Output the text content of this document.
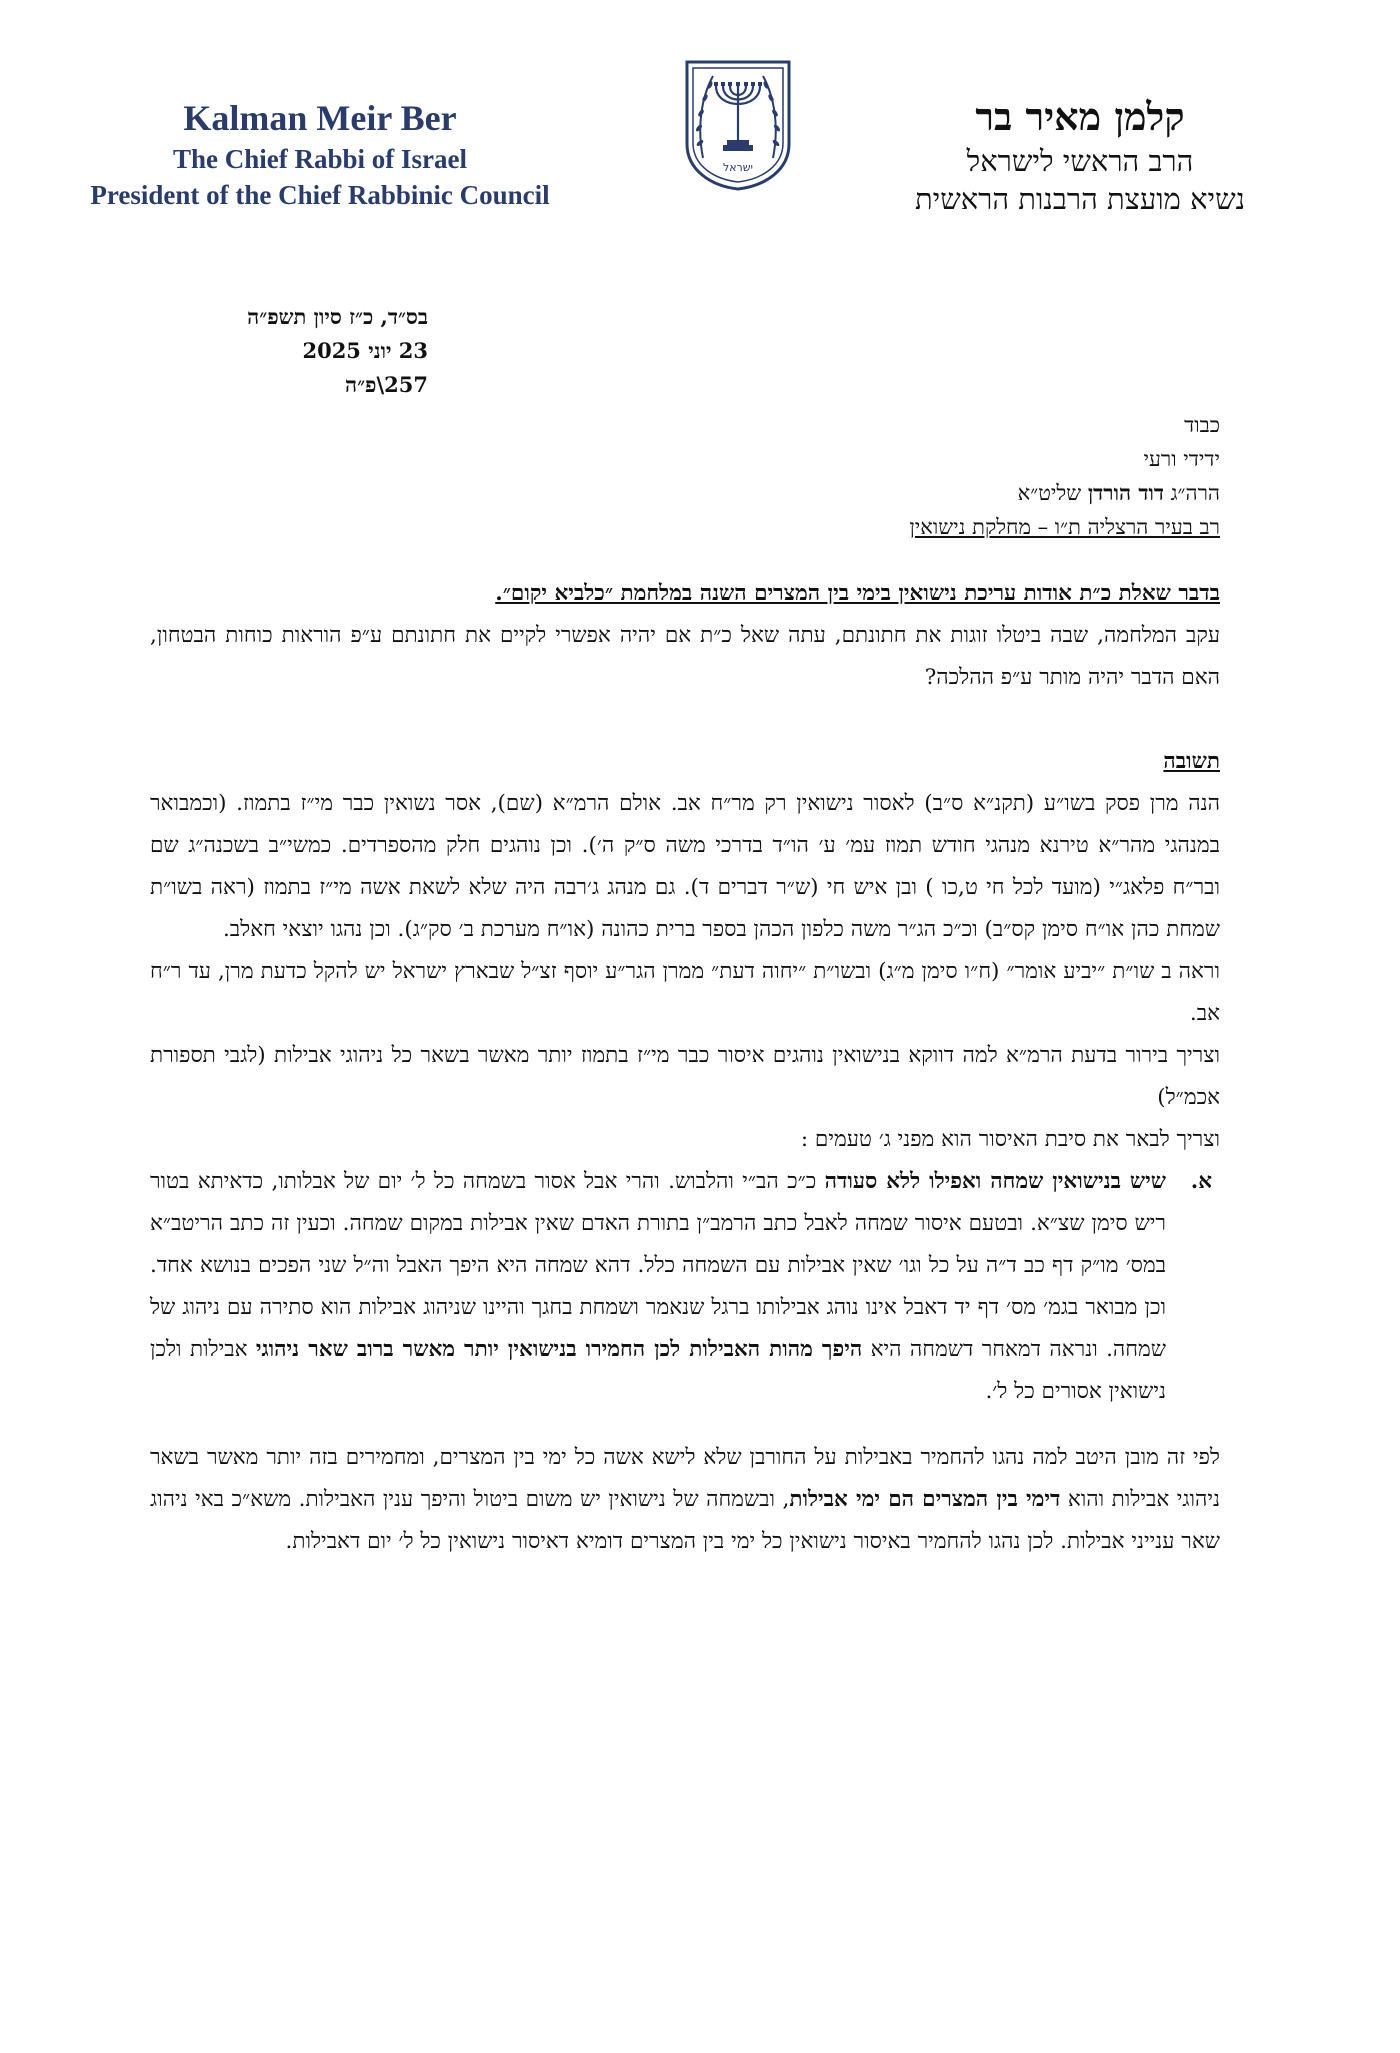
Kalman Meir Ber
The Chief Rabbi of Israel
President of the Chief Rabbinic Council
ישראל
קלמן מאיר בר
הרב הראשי לישראל
נשיא מועצת הרבנות הראשית
בס״ד, כ״ז סיון תשפ״ה
23 יוני 2025
257\פ״ה
כבוד
ידידי ורעי
הרה״ג דוד הורדן שליט״א
רב בעיר הרצליה ת״ו – מחלקת נישואין

בדבר שאלת כ״ת אודות עריכת נישואין בימי בין המצרים השנה במלחמת ״כלביא יקום״.

עקב המלחמה, שבה ביטלו זוגות את חתונתם, עתה שאל כ״ת אם יהיה אפשרי לקיים את חתונתם ע״פ הוראות כוחות הבטחון, האם הדבר יהיה מותר ע״פ ההלכה?

תשובה

הנה מרן פסק בשו״ע (תקנ״א ס״ב) לאסור נישואין רק מר״ח אב. אולם הרמ״א (שם), אסר נשואין כבר מי״ז בתמוז. (וכמבואר במנהגי מהר״א טירנא מנהגי חודש תמוז עמ׳ ע׳ הו״ד בדרכי משה ס״ק ה׳). וכן נוהגים חלק מהספרדים. כמשי״ב בשכנה״ג שם ובר״ח פלאג״י (מועד לכל חי ט,כו ) ובן איש חי (ש״ר דברים ד). גם מנהג ג׳רבה היה שלא לשאת אשה מי״ז בתמוז (ראה בשו״ת שמחת כהן או״ח סימן קס״ב) וכ״כ הג״ר משה כלפון הכהן בספר ברית כהונה (או״ח מערכת ב׳ סק״ג). וכן נהגו יוצאי חאלב.

וראה ב שו״ת ״יביע אומר״ (ח״ו סימן מ״ג) ובשו״ת ״יחוה דעת״ ממרן הגר״ע יוסף זצ״ל שבארץ ישראל יש להקל כדעת מרן, עד ר״ח אב.

וצריך בירור בדעת הרמ״א למה דווקא בנישואין נוהגים איסור כבר מי״ז בתמוז יותר מאשר בשאר כל ניהוגי אבילות (לגבי תספורת אכמ״ל)

וצריך לבאר את סיבת האיסור הוא מפני ג׳ טעמים :

א.
שיש בנישואין שמחה ואפילו ללא סעודה כ״כ הב״י והלבוש. והרי אבל אסור בשמחה כל ל׳ יום של אבלותו, כדאיתא בטור ריש סימן שצ״א. ובטעם איסור שמחה לאבל כתב הרמב״ן בתורת האדם שאין אבילות במקום שמחה. וכעין זה כתב הריטב״א במס׳ מו״ק דף כב ד״ה על כל וגו׳ שאין אבילות עם השמחה כלל. דהא שמחה היא היפך האבל וה״ל שני הפכים בנושא אחד. וכן מבואר בגמ׳ מס׳ דף יד דאבל אינו נוהג אבילותו ברגל שנאמר ושמחת בחגך והיינו שניהוג אבילות הוא סתירה עם ניהוג של שמחה. ונראה דמאחר דשמחה היא היפך מהות האבילות לכן החמירו בנישואין יותר מאשר ברוב שאר ניהוגי אבילות ולכן נישואין אסורים כל ל׳.

לפי זה מובן היטב למה נהגו להחמיר באבילות על החורבן שלא לישא אשה כל ימי בין המצרים, ומחמירים בזה יותר מאשר בשאר ניהוגי אבילות והוא דימי בין המצרים הם ימי אבילות, ובשמחה של נישואין יש משום ביטול והיפך ענין האבילות. משא״כ באי ניהוג שאר ענייני אבילות. לכן נהגו להחמיר באיסור נישואין כל ימי בין המצרים דומיא דאיסור נישואין כל ל׳ יום דאבילות.
